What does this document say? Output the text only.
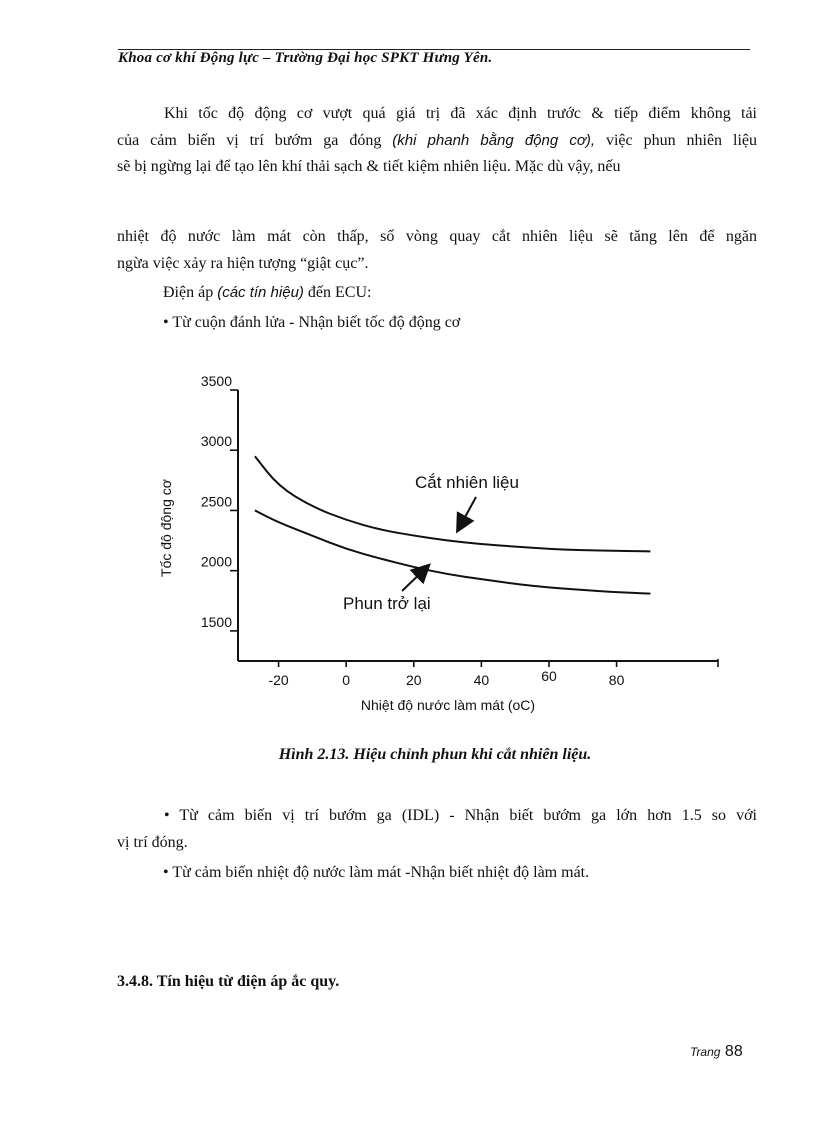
Khoa cơ khí Động lực – Trường Đại học SPKT Hưng Yên.
Khi tốc độ động cơ vượt quá giá trị đã xác định trước & tiếp điểm không tải
của cảm biến vị trí bướm ga đóng (khi phanh bằng động cơ), việc phun nhiên liệu
sẽ bị ngừng lại để tạo lên khí thải sạch & tiết kiệm nhiên liệu. Mặc dù vậy, nếu
nhiệt độ nước làm mát còn thấp, số vòng quay cắt nhiên liệu sẽ tăng lên để ngăn
ngừa việc xảy ra hiện tượng “giật cục”.
Điện áp (các tín hiệu) đến ECU:
• Từ cuộn đánh lửa - Nhận biết tốc độ động cơ
3500
3000
2500
2000
1500
-20	0	20	40	60	80
Nhiệt độ nước làm mát (oC)
Tốc độ động cơ	Cắt nhiên liệu
Phun trở lại
Hình 2.13. Hiệu chỉnh phun khi cắt nhiên liệu.
• Từ cảm biến vị trí bướm ga (IDL) - Nhận biết bướm ga lớn hơn 1.5 so với
vị trí đóng.
• Từ cảm biến nhiệt độ nước làm mát -Nhận biết nhiệt độ làm mát.
3.4.8. Tín hiệu từ điện áp ắc quy.
Trang 88
